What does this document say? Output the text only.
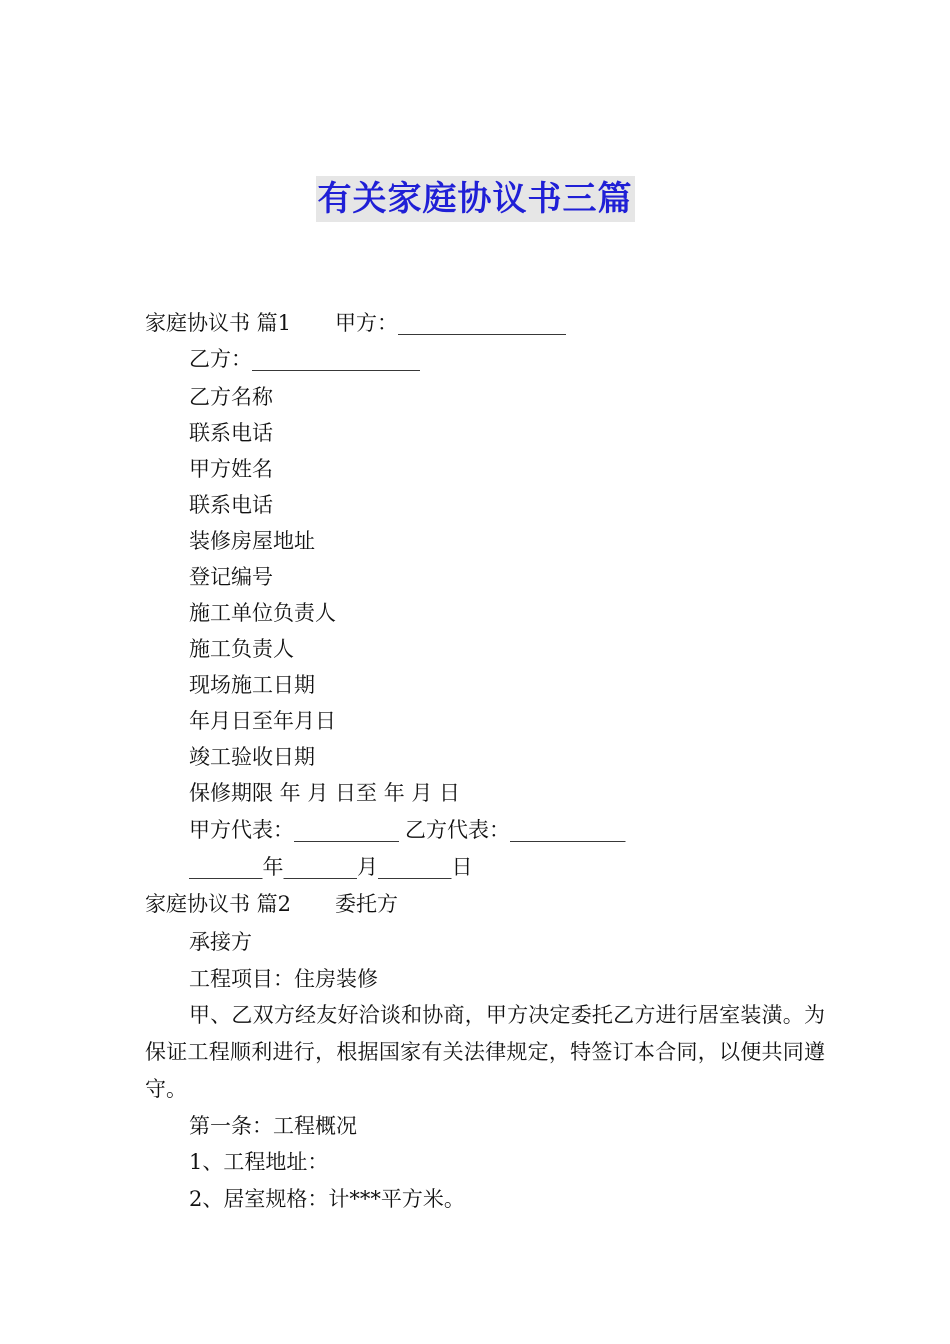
有关家庭协议书三篇
家庭协议书 篇1 甲方：________________
乙方：________________
乙方名称
联系电话
甲方姓名
联系电话
装修房屋地址
登记编号
施工单位负责人
施工负责人
现场施工日期
年月日至年月日
竣工验收日期
保修期限 年 月 日至 年 月 日
甲方代表：__________ 乙方代表：___________
_______年_______月_______日
家庭协议书 篇2 委托方
承接方
工程项目：住房装修
甲、乙双方经友好洽谈和协商，甲方决定委托乙方进行居室装潢。为保证工程顺利进行，根据国家有关法律规定，特签订本合同，以便共同遵守。
第一条：工程概况
1、工程地址：
2、居室规格：计***平方米。
